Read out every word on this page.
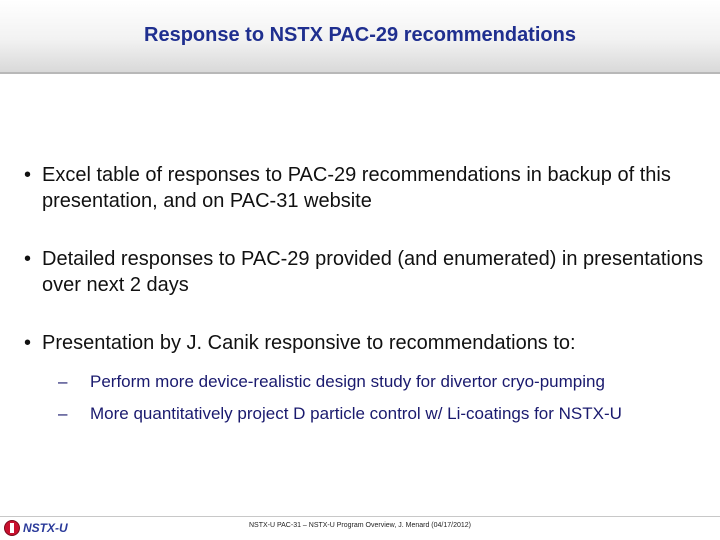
Response to NSTX PAC-29 recommendations
• Excel table of responses to PAC-29 recommendations in backup of this presentation, and on PAC-31 website
• Detailed responses to PAC-29 provided (and enumerated) in presentations over next 2 days
• Presentation by J. Canik responsive to recommendations to:
– Perform more device-realistic design study for divertor cryo-pumping
– More quantitatively project D particle control w/ Li-coatings for NSTX-U
NSTX-U	NSTX-U PAC-31 – NSTX-U Program Overview, J. Menard (04/17/2012)
